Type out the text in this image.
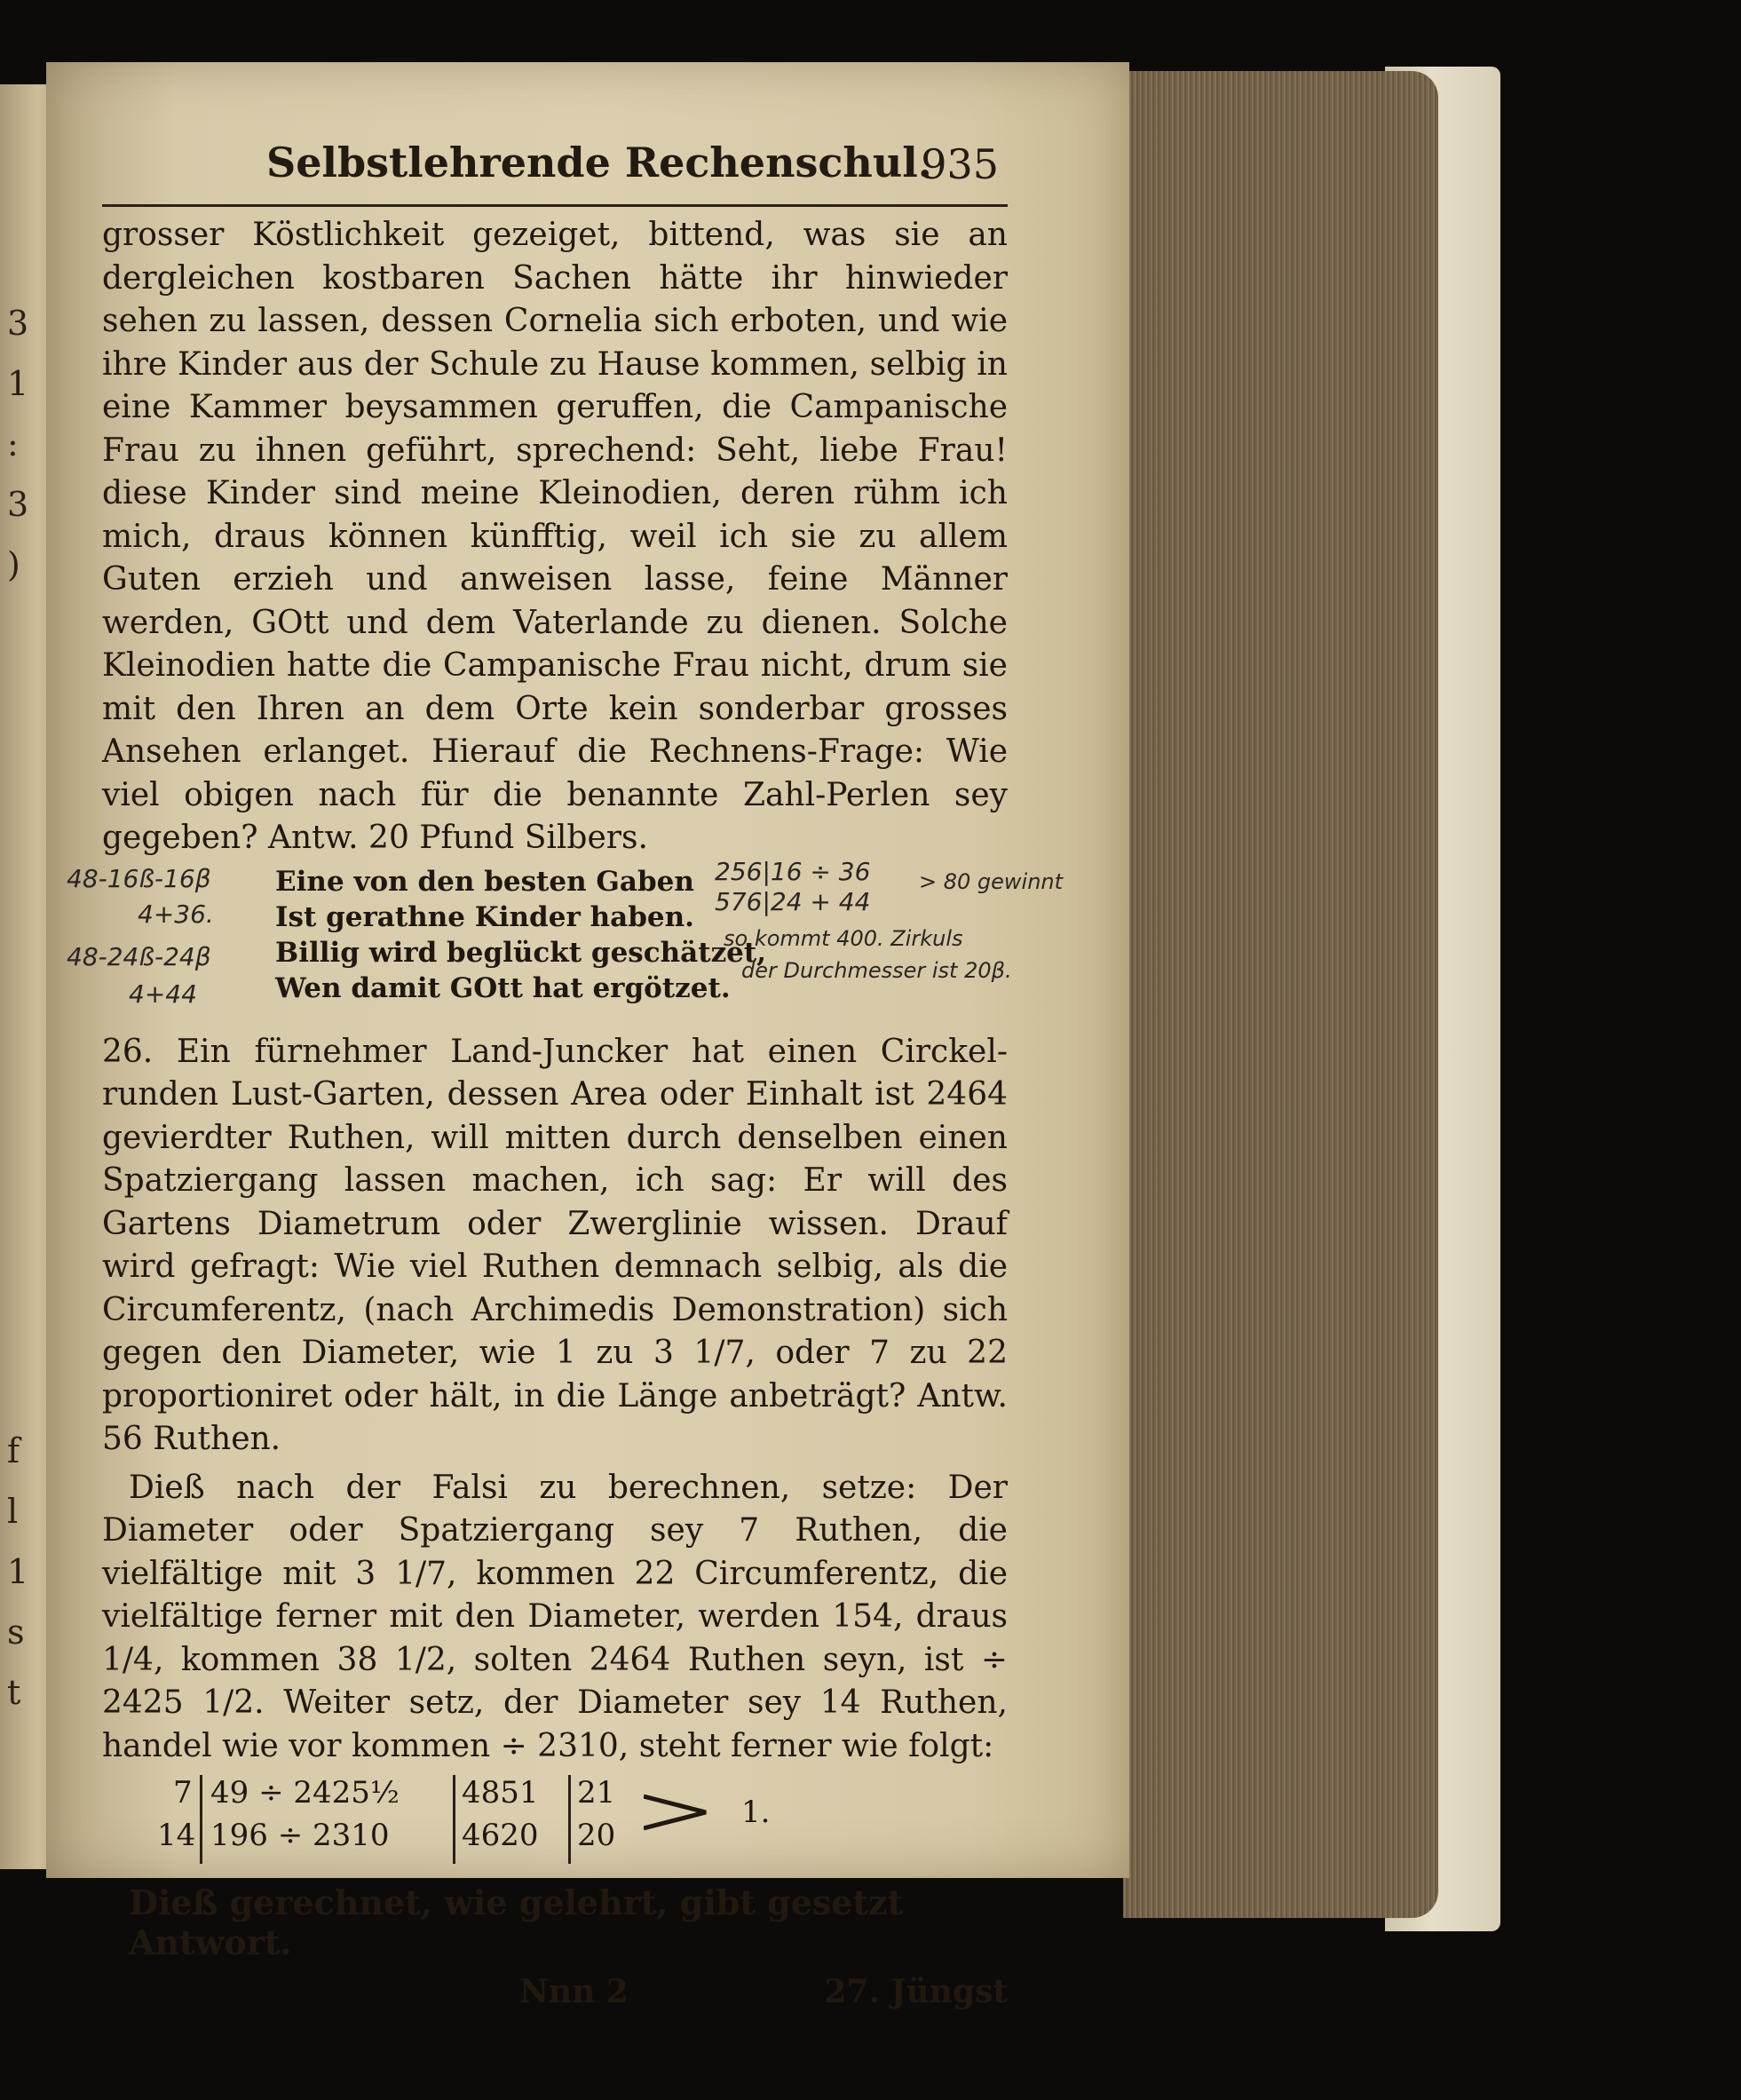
3
1
:
3
)
f
l
1
s
t
Selbstlehrende Rechenschul.
935

grosser Köstlichkeit gezeiget, bittend, was sie an dergleichen kostbaren Sachen hätte ihr hinwieder sehen zu lassen, dessen Cornelia sich erboten, und wie ihre Kinder aus der Schule zu Hause kommen, selbig in eine Kammer beysammen geruffen, die Campanische Frau zu ihnen geführt, sprechend: Seht, liebe Frau! diese Kinder sind meine Kleinodien, deren rühm ich mich, draus können künfftig, weil ich sie zu allem Guten erzieh und anweisen lasse, feine Männer werden, GOtt und dem Vaterlande zu dienen. Solche Kleinodien hatte die Campanische Frau nicht, drum sie mit den Ihren an dem Orte kein sonderbar grosses Ansehen erlanget. Hierauf die Rechnens-Frage: Wie viel obigen nach für die benannte Zahl-Perlen sey gegeben? Antw. 20 Pfund Silbers.

48-16ß-16β
4+36.
48-24ß-24β
4+44
Eine von den besten Gaben
Ist gerathne Kinder haben.
Billig wird beglückt geschätzet,
Wen damit GOtt hat ergötzet.
256|16 ÷ 36
576|24 + 44
> 80 gewinnt
so kommt 400. Zirkuls
der Durchmesser ist 20β.

26. Ein fürnehmer Land-Juncker hat einen Circkel-runden Lust-Garten, dessen Area oder Einhalt ist 2464 gevierdter Ruthen, will mitten durch denselben einen Spatziergang lassen machen, ich sag: Er will des Gartens Diametrum oder Zwerglinie wissen. Drauf wird gefragt: Wie viel Ruthen demnach selbig, als die Circumferentz, (nach Archimedis Demonstration) sich gegen den Diameter, wie 1 zu 3 1/7, oder 7 zu 22 proportioniret oder hält, in die Länge anbeträgt? Antw. 56 Ruthen.

Dieß nach der Falsi zu berechnen, setze: Der Diameter oder Spatziergang sey 7 Ruthen, die vielfältige mit 3 1/7, kommen 22 Circumferentz, die vielfältige ferner mit den Diameter, werden 154, draus 1/4, kommen 38 1/2, solten 2464 Ruthen seyn, ist ÷ 2425 1/2. Weiter setz, der Diameter sey 14 Ruthen, handel wie vor kommen ÷ 2310, steht ferner wie folgt:

7
14
49 ÷ 2425½
196 ÷ 2310
4851
4620
21
20
1.
Dieß gerechnet, wie gelehrt, gibt gesetzt Antwort.
Nnn 2	27. Jüngst
